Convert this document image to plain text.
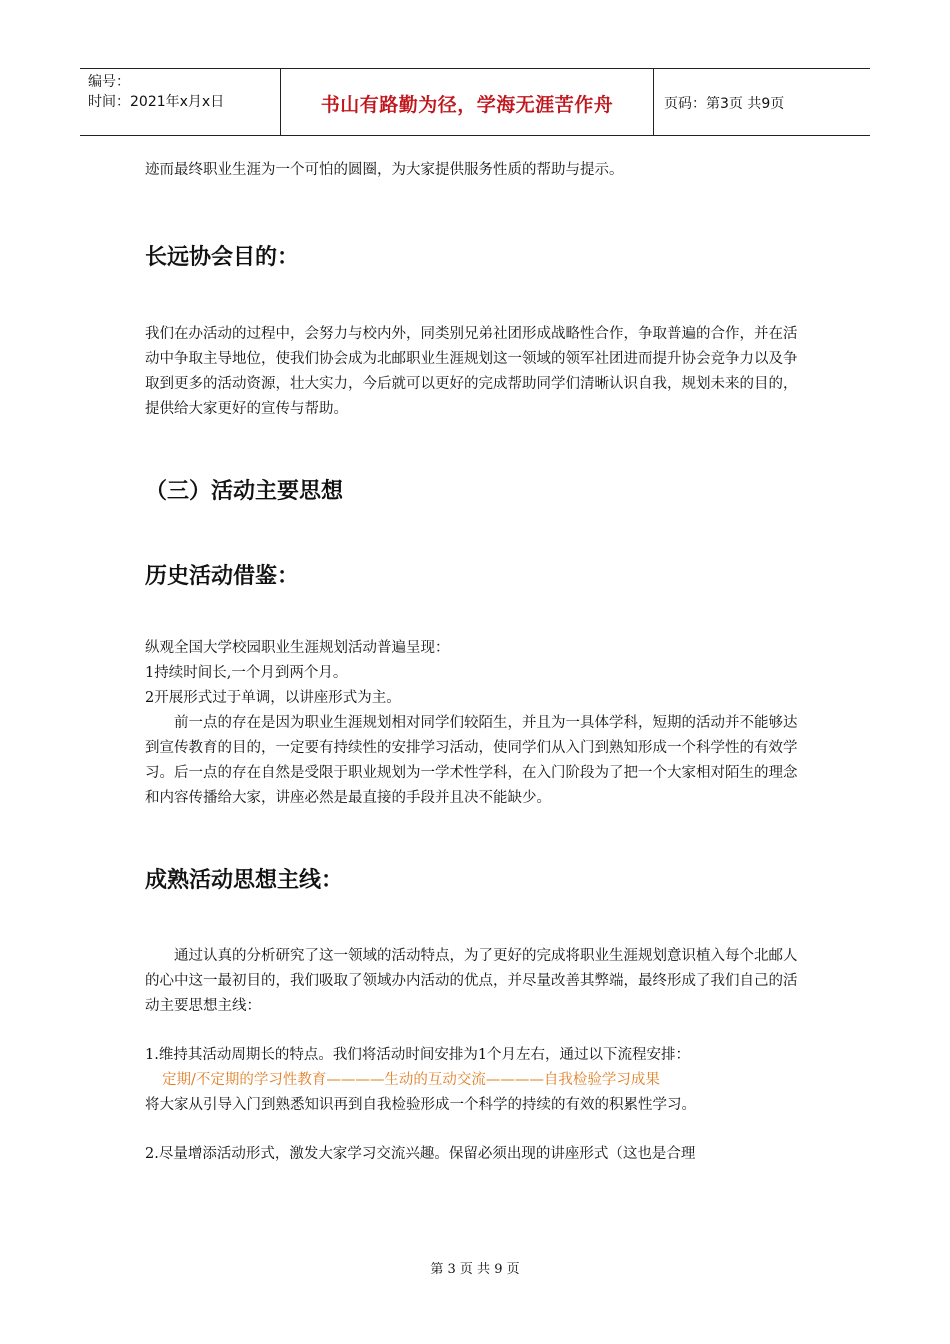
编号：
时间：2021年x月x日	书山有路勤为径，学海无涯苦作舟	页码：第3页 共9页

迹而最终职业生涯为一个可怕的圆圈，为大家提供服务性质的帮助与提示。

长远协会目的：

我们在办活动的过程中，会努力与校内外，同类别兄弟社团形成战略性合作，争取普遍的合作，并在活动中争取主导地位，使我们协会成为北邮职业生涯规划这一领域的领军社团进而提升协会竞争力以及争取到更多的活动资源，壮大实力，今后就可以更好的完成帮助同学们清晰认识自我，规划未来的目的，提供给大家更好的宣传与帮助。

（三）活动主要思想
历史活动借鉴：

纵观全国大学校园职业生涯规划活动普遍呈现：

1持续时间长,一个月到两个月。

2开展形式过于单调，以讲座形式为主。

前一点的存在是因为职业生涯规划相对同学们较陌生，并且为一具体学科，短期的活动并不能够达到宣传教育的目的，一定要有持续性的安排学习活动，使同学们从入门到熟知形成一个科学性的有效学习。后一点的存在自然是受限于职业规划为一学术性学科，在入门阶段为了把一个大家相对陌生的理念和内容传播给大家，讲座必然是最直接的手段并且决不能缺少。

成熟活动思想主线：

通过认真的分析研究了这一领域的活动特点，为了更好的完成将职业生涯规划意识植入每个北邮人的心中这一最初目的，我们吸取了领域办内活动的优点，并尽量改善其弊端，最终形成了我们自己的活动主要思想主线：

1.维持其活动周期长的特点。我们将活动时间安排为1个月左右，通过以下流程安排：

定期/不定期的学习性教育————生动的互动交流————自我检验学习成果

将大家从引导入门到熟悉知识再到自我检验形成一个科学的持续的有效的积累性学习。

2.尽量增添活动形式，激发大家学习交流兴趣。保留必须出现的讲座形式（这也是合理

第 3 页 共 9 页
